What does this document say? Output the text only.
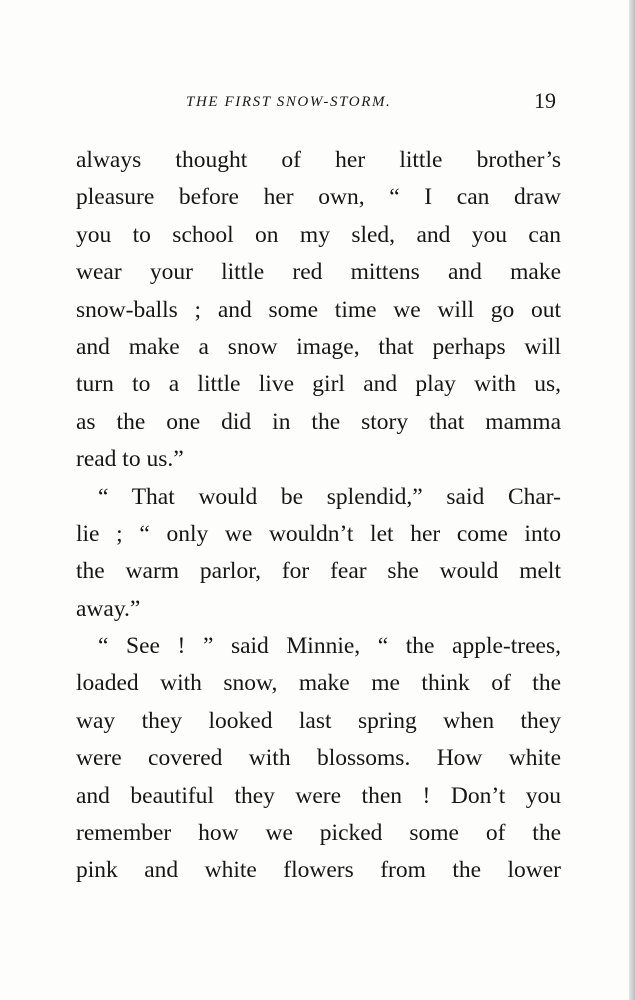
THE FIRST SNOW-STORM.	19
always thought of her little brother’s
pleasure before her own, “ I can draw
you to school on my sled, and you can
wear your little red mittens and make
snow-balls ; and some time we will go out
and make a snow image, that perhaps will
turn to a little live girl and play with us,
as the one did in the story that mamma
read to us.”
“ That would be splendid,” said Char-
lie ; “ only we wouldn’t let her come into
the warm parlor, for fear she would melt
away.”
“ See ! ” said Minnie, “ the apple-trees,
loaded with snow, make me think of the
way they looked last spring when they
were covered with blossoms. How white
and beautiful they were then ! Don’t you
remember how we picked some of the
pink and white flowers from the lower
